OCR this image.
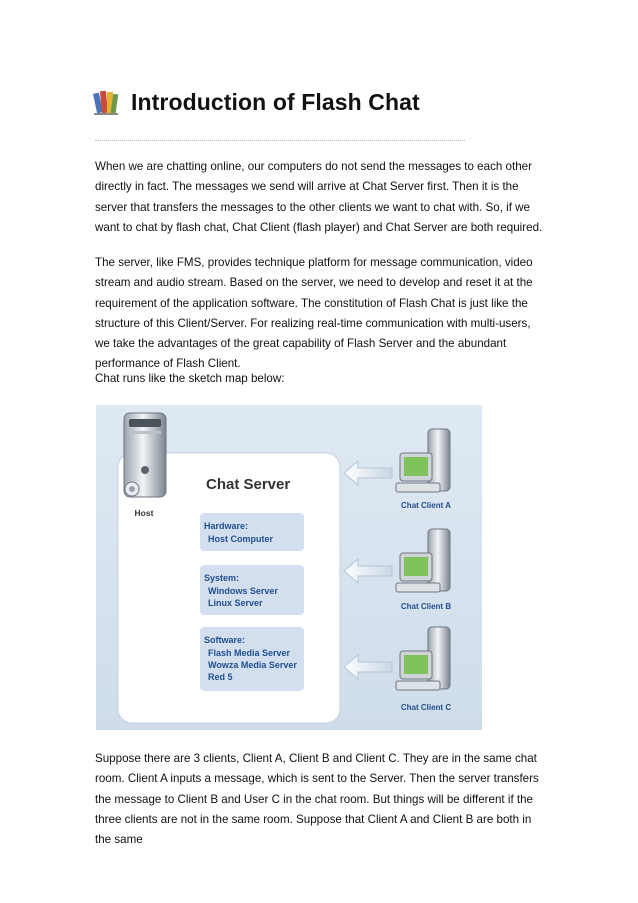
Introduction of Flash Chat

When we are chatting online, our computers do not send the messages to each other directly in fact. The messages we send will arrive at Chat Server first. Then it is the server that transfers the messages to the other clients we want to chat with. So, if we want to chat by flash chat, Chat Client (flash player) and Chat Server are both required.

The server, like FMS, provides technique platform for message communication, video stream and audio stream. Based on the server, we need to develop and reset it at the requirement of the application software. The constitution of Flash Chat is just like the structure of this Client/Server. For realizing real-time communication with multi-users, we take the advantages of the great capability of Flash Server and the abundant performance of Flash Client.

Chat runs like the sketch map below:

Host
Chat Server
Hardware:
Host Computer
System:
Windows Server
Linux Server
Software:
Flash Media Server
Wowza Media Server
Red 5
Chat Client A
Chat Client B
Chat Client C

Suppose there are 3 clients, Client A, Client B and Client C. They are in the same chat room. Client A inputs a message, which is sent to the Server. Then the server transfers the message to Client B and User C in the chat room. But things will be different if the three clients are not in the same room. Suppose that Client A and Client B are both in the same
